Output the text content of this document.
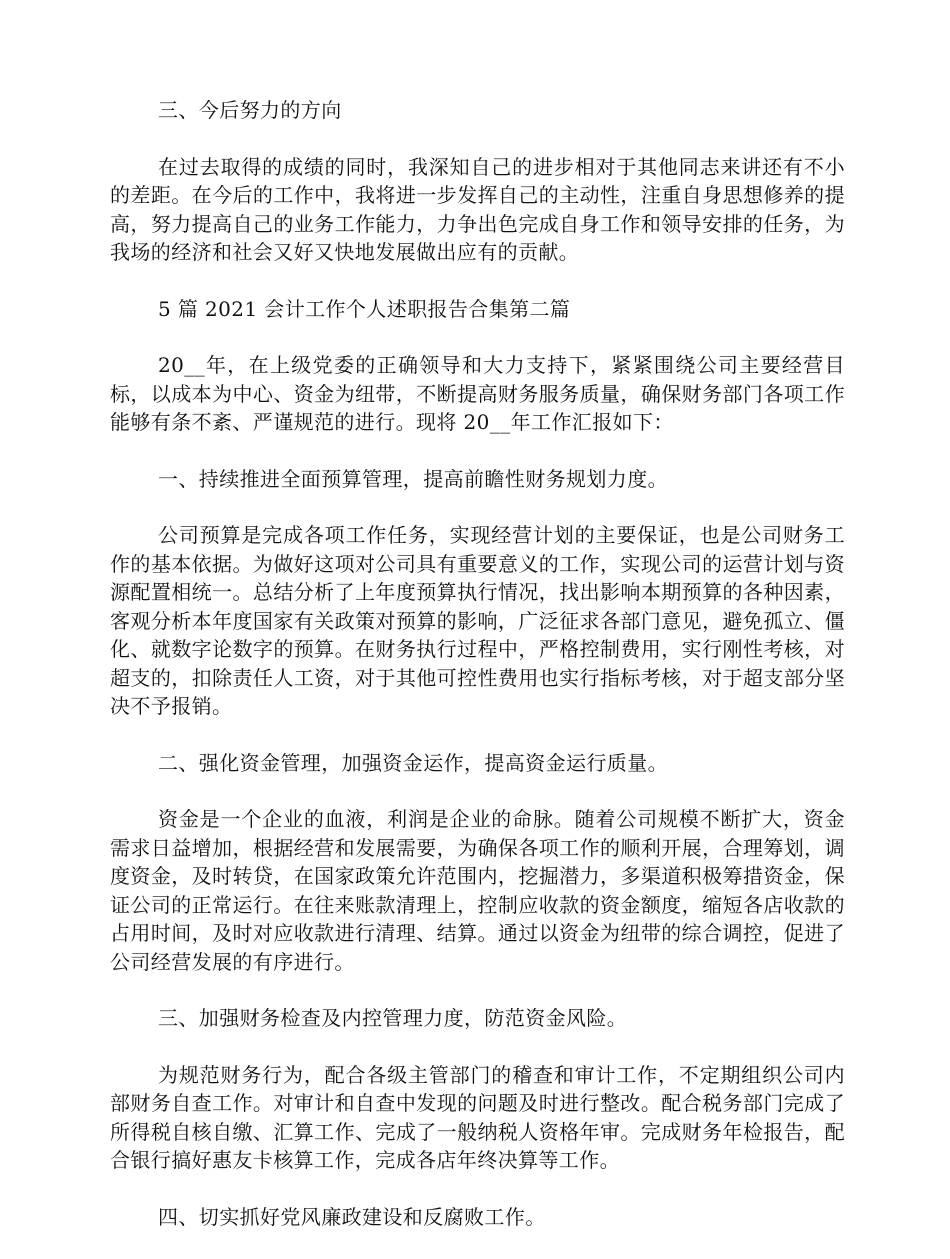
三、今后努力的方向

在过去取得的成绩的同时，我深知自己的进步相对于其他同志来讲还有不小的差距。在今后的工作中，我将进一步发挥自己的主动性，注重自身思想修养的提高，努力提高自己的业务工作能力，力争出色完成自身工作和领导安排的任务，为我场的经济和社会又好又快地发展做出应有的贡献。

5 篇 2021 会计工作个人述职报告合集第二篇

20__年，在上级党委的正确领导和大力支持下，紧紧围绕公司主要经营目标，以成本为中心、资金为纽带，不断提高财务服务质量，确保财务部门各项工作能够有条不紊、严谨规范的进行。现将 20__年工作汇报如下：

一、持续推进全面预算管理，提高前瞻性财务规划力度。

公司预算是完成各项工作任务，实现经营计划的主要保证，也是公司财务工作的基本依据。为做好这项对公司具有重要意义的工作，实现公司的运营计划与资源配置相统一。总结分析了上年度预算执行情况，找出影响本期预算的各种因素，客观分析本年度国家有关政策对预算的影响，广泛征求各部门意见，避免孤立、僵化、就数字论数字的预算。在财务执行过程中，严格控制费用，实行刚性考核，对超支的，扣除责任人工资，对于其他可控性费用也实行指标考核，对于超支部分坚决不予报销。

二、强化资金管理，加强资金运作，提高资金运行质量。

资金是一个企业的血液，利润是企业的命脉。随着公司规模不断扩大，资金需求日益增加，根据经营和发展需要，为确保各项工作的顺利开展，合理筹划，调度资金，及时转贷，在国家政策允许范围内，挖掘潜力，多渠道积极筹措资金，保证公司的正常运行。在往来账款清理上，控制应收款的资金额度，缩短各店收款的占用时间，及时对应收款进行清理、结算。通过以资金为纽带的综合调控，促进了公司经营发展的有序进行。

三、加强财务检查及内控管理力度，防范资金风险。

为规范财务行为，配合各级主管部门的稽查和审计工作，不定期组织公司内部财务自查工作。对审计和自查中发现的问题及时进行整改。配合税务部门完成了所得税自核自缴、汇算工作、完成了一般纳税人资格年审。完成财务年检报告，配合银行搞好惠友卡核算工作，完成各店年终决算等工作。

四、切实抓好党风廉政建设和反腐败工作。
